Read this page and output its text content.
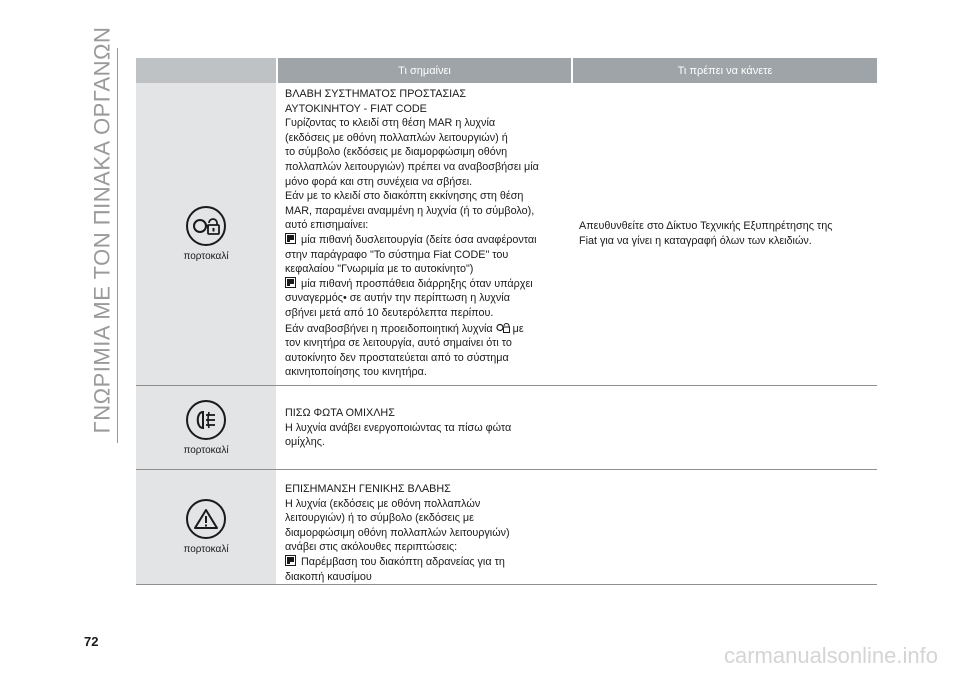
ΓΝΩΡΙΜΙΑ ΜΕ ΤΟΝ ΠΙΝΑΚΑ ΟΡΓΑΝΩΝ	Τι σημαίνει	Τι πρέπει να κάνετε
πορτοκαλί
ΒΛΑΒΗ ΣΥΣΤΗΜΑΤΟΣ ΠΡΟΣΤΑΣΙΑΣ
ΑΥΤΟΚΙΝΗΤΟΥ - FIAT CODE
Γυρίζοντας το κλειδί στη θέση MAR η λυχνία
(εκδόσεις με οθόνη πολλαπλών λειτουργιών) ή
το σύμβολο (εκδόσεις με διαμορφώσιμη οθόνη
πολλαπλών λειτουργιών) πρέπει να αναβοσβήσει μία
μόνο φορά και στη συνέχεια να σβήσει.
Εάν με το κλειδί στο διακόπτη εκκίνησης στη θέση
MAR, παραμένει αναμμένη η λυχνία (ή το σύμβολο),
αυτό επισημαίνει:
μία πιθανή δυσλειτουργία (δείτε όσα αναφέρονται
στην παράγραφο "Το σύστημα Fiat CODE" του
κεφαλαίου "Γνωριμία με το αυτοκίνητο")
μία πιθανή προσπάθεια διάρρηξης όταν υπάρχει
συναγερμός• σε αυτήν την περίπτωση η λυχνία
σβήνει μετά από 10 δευτερόλεπτα περίπου.
Εάν αναβοσβήνει η προειδοποιητική λυχνία με
τον κινητήρα σε λειτουργία, αυτό σημαίνει ότι το
αυτοκίνητο δεν προστατεύεται από το σύστημα
ακινητοποίησης του κινητήρα.
Απευθυνθείτε στο Δίκτυο Τεχνικής Εξυπηρέτησης της
Fiat για να γίνει η καταγραφή όλων των κλειδιών.
πορτοκαλί
ΠΙΣΩ ΦΩΤΑ ΟΜΙΧΛΗΣ
Η λυχνία ανάβει ενεργοποιώντας τα πίσω φώτα
ομίχλης.
πορτοκαλί
ΕΠΙΣΗΜΑΝΣΗ ΓΕΝΙΚΗΣ ΒΛΑΒΗΣ
Η λυχνία (εκδόσεις με οθόνη πολλαπλών
λειτουργιών) ή το σύμβολο (εκδόσεις με
διαμορφώσιμη οθόνη πολλαπλών λειτουργιών)
ανάβει στις ακόλουθες περιπτώσεις:
Παρέμβαση του διακόπτη αδρανείας για τη
διακοπή καυσίμου
72
carmanualsonline.info
